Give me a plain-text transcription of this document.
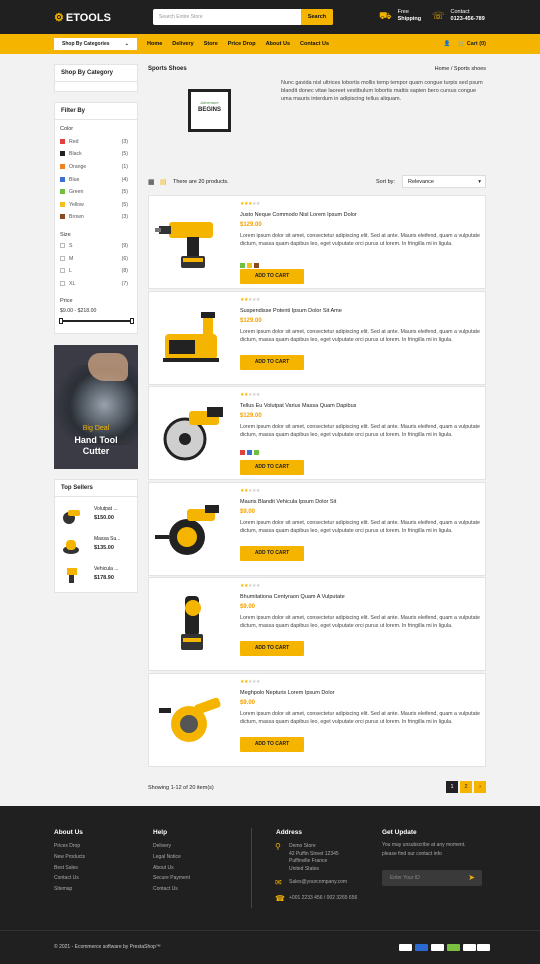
⚙ ETOOLS	Search Entire Store	Search	⛟ Free
Shipping ☏ Contact
0123-456-789
Shop By Categories	⌄	Home Delivery Store Price Drop About Us Contact Us	👤 🛒 Cart (0)
Shop By Category
Filter By
Color
Red	(3)
Black	(5)
Orange	(1)
Blue	(4)
Green	(5)
Yellow	(5)
Brown	(3)
Size
S	(9)
M	(6)
L	(8)
XL	(7)
Price
$9.00 - $218.00
Big Deal
Hand Tool
Cutter
Top Sellers
Volutpat ...
$150.00
Massa Su...
$135.00
Vehicula ...
$178.90
Sports Shoes	Home / Sports shoes
Adventure
BEGINS
Nunc gavida nisl ultrices lobortis mollis temp tempor quam congue turpis sed psum blandit donec vitae laoreet vestibulum lobortis mattis sapien bero cursus congue uma mauris interdum in adipiscing tellus aliquam.
▦ ▤ There are 20 products.	Sort by:	Relevance	▾
★★★★★
Justo Neque Commodo Nisl Lorem Ipsum Dolor
$129.00
Lorem ipsum dolor sit amet, consectetur adipiscing elit. Sed at ante. Mauris eleifend, quam a vulputate dictum, massa quam dapibus leo, eget vulputate orci purus ut lorem. In fringilla mi in ligula.
ADD TO CART
★★★★★
Suspendisse Potenti Ipsum Dolor Sit Ame
$129.00
Lorem ipsum dolor sit amet, consectetur adipiscing elit. Sed at ante. Mauris eleifend, quam a vulputate dictum, massa quam dapibus leo, eget vulputate orci purus ut lorem. In fringilla mi in ligula.
ADD TO CART
★★★★★
Tellus Eu Volutpat Varius Massa Quam Dapibus
$129.00
Lorem ipsum dolor sit amet, consectetur adipiscing elit. Sed at ante. Mauris eleifend, quam a vulputate dictum, massa quam dapibus leo, eget vulputate orci purus ut lorem. In fringilla mi in ligula.
ADD TO CART
★★★★★
Mauris Blandit Vehicula Ipsum Dolor Sit
$9.00
Lorem ipsum dolor sit amet, consectetur adipiscing elit. Sed at ante. Mauris eleifend, quam a vulputate dictum, massa quam dapibus leo, eget vulputate orci purus ut lorem. In fringilla mi in ligula.
ADD TO CART
★★★★★
Bhumitationa Centyraon Quam A Vulputate
$9.00
Lorem ipsum dolor sit amet, consectetur adipiscing elit. Sed at ante. Mauris eleifend, quam a vulputate dictum, massa quam dapibus leo, eget vulputate orci purus ut lorem. In fringilla mi in ligula.
ADD TO CART
★★★★★
Meghpolo Nepturis Lorem Ipsum Dolor
$9.00
Lorem ipsum dolor sit amet, consectetur adipiscing elit. Sed at ante. Mauris eleifend, quam a vulputate dictum, massa quam dapibus leo, eget vulputate orci purus ut lorem. In fringilla mi in ligula.
ADD TO CART
Showing 1-12 of 20 item(s)	1	2	›
About Us
Prices Drop
New Products
Best Sales
Contact Us
Sitemap
Help
Delivery
Legal Notice
About Us
Secure Payment
Contact Us
Address
⚲ Demo Store
42 Puffin Street 12345
Puffinville France
United States
✉ Sales@yourcompany.com
☎ +001 2233 456 / 002 3265 656
Get Update
You may unsubscribe at any moment.
please find our contact info
Enter Your ID	➤
© 2021 - Ecommerce software by PrestaShop™
